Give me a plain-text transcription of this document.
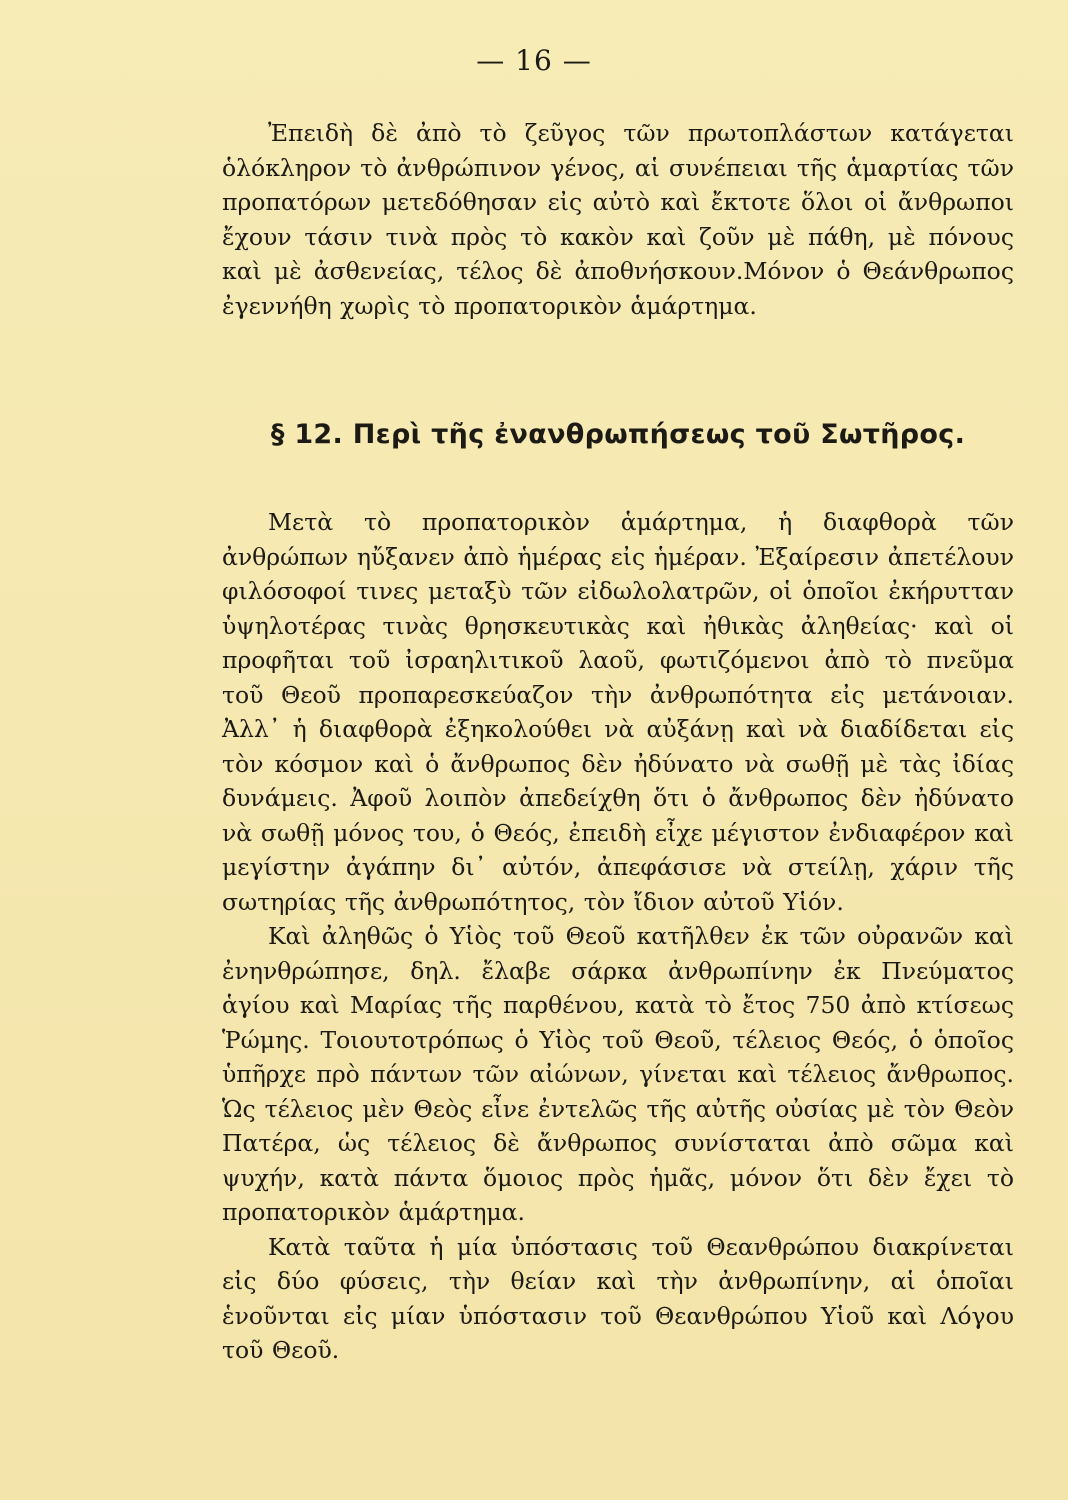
— 16 —

Ἐπειδὴ δὲ ἀπὸ τὸ ζεῦγος τῶν πρωτοπλάστων κατάγεται ὁλόκληρον τὸ ἀνθρώπινον γένος, αἱ συνέπειαι τῆς ἁμαρτίας τῶν προπατόρων μετεδόθησαν εἰς αὐτὸ καὶ ἔκτοτε ὅλοι οἱ ἄνθρωποι ἔχουν τάσιν τινὰ πρὸς τὸ κακὸν καὶ ζοῦν μὲ πάθη, μὲ πόνους καὶ μὲ ἀσθενείας, τέλος δὲ ἀποθνήσκουν.Μόνον ὁ Θεάνθρωπος ἐγεννήθη χωρὶς τὸ προπατορικὸν ἁμάρτημα.

§ 12. Περὶ τῆς ἐνανθρωπήσεως τοῦ Σωτῆρος.

Μετὰ τὸ προπατορικὸν ἁμάρτημα, ἡ διαφθορὰ τῶν ἀνθρώπων ηὔξανεν ἀπὸ ἡμέρας εἰς ἡμέραν. Ἐξαίρεσιν ἀπετέλουν φιλόσοφοί τινες μεταξὺ τῶν εἰδωλολατρῶν, οἱ ὁποῖοι ἐκήρυτταν ὑψηλοτέρας τινὰς θρησκευτικὰς καὶ ἠθικὰς ἀληθείας· καὶ οἱ προφῆται τοῦ ἰσραηλιτικοῦ λαοῦ, φωτιζόμενοι ἀπὸ τὸ πνεῦμα τοῦ Θεοῦ προπαρεσκεύαζον τὴν ἀνθρωπότητα εἰς μετάνοιαν. Ἀλλ᾽ ἡ διαφθορὰ ἐξηκολούθει νὰ αὐξάνῃ καὶ νὰ διαδίδεται εἰς τὸν κόσμον καὶ ὁ ἄνθρωπος δὲν ἠδύνατο νὰ σωθῇ μὲ τὰς ἰδίας δυνάμεις. Ἀφοῦ λοιπὸν ἀπεδείχθη ὅτι ὁ ἄνθρωπος δὲν ἠδύνατο νὰ σωθῇ μόνος του, ὁ Θεός, ἐπειδὴ εἶχε μέγιστον ἐνδιαφέρον καὶ μεγίστην ἀγάπην δι᾽ αὐτόν, ἀπεφάσισε νὰ στείλῃ, χάριν τῆς σωτηρίας τῆς ἀνθρωπότητος, τὸν ἴδιον αὐτοῦ Υἱόν.

Καὶ ἀληθῶς ὁ Υἱὸς τοῦ Θεοῦ κατῆλθεν ἐκ τῶν οὐρανῶν καὶ ἐνηνθρώπησε, δηλ. ἔλαβε σάρκα ἀνθρωπίνην ἐκ Πνεύματος ἁγίου καὶ Μαρίας τῆς παρθένου, κατὰ τὸ ἔτος 750 ἀπὸ κτίσεως Ῥώμης. Τοιουτοτρόπως ὁ Υἱὸς τοῦ Θεοῦ, τέλειος Θεός, ὁ ὁποῖος ὑπῆρχε πρὸ πάντων τῶν αἰώνων, γίνεται καὶ τέλειος ἄνθρωπος. Ὡς τέλειος μὲν Θεὸς εἶνε ἐντελῶς τῆς αὐτῆς οὐσίας μὲ τὸν Θεὸν Πατέρα, ὡς τέλειος δὲ ἄνθρωπος συνίσταται ἀπὸ σῶμα καὶ ψυχήν, κατὰ πάντα ὅμοιος πρὸς ἡμᾶς, μόνον ὅτι δὲν ἔχει τὸ προπατορικὸν ἁμάρτημα.

Κατὰ ταῦτα ἡ μία ὑπόστασις τοῦ Θεανθρώπου διακρίνεται εἰς δύο φύσεις, τὴν θείαν καὶ τὴν ἀνθρωπίνην, αἱ ὁποῖαι ἑνοῦνται εἰς μίαν ὑπόστασιν τοῦ Θεανθρώπου Υἱοῦ καὶ Λόγου τοῦ Θεοῦ.
